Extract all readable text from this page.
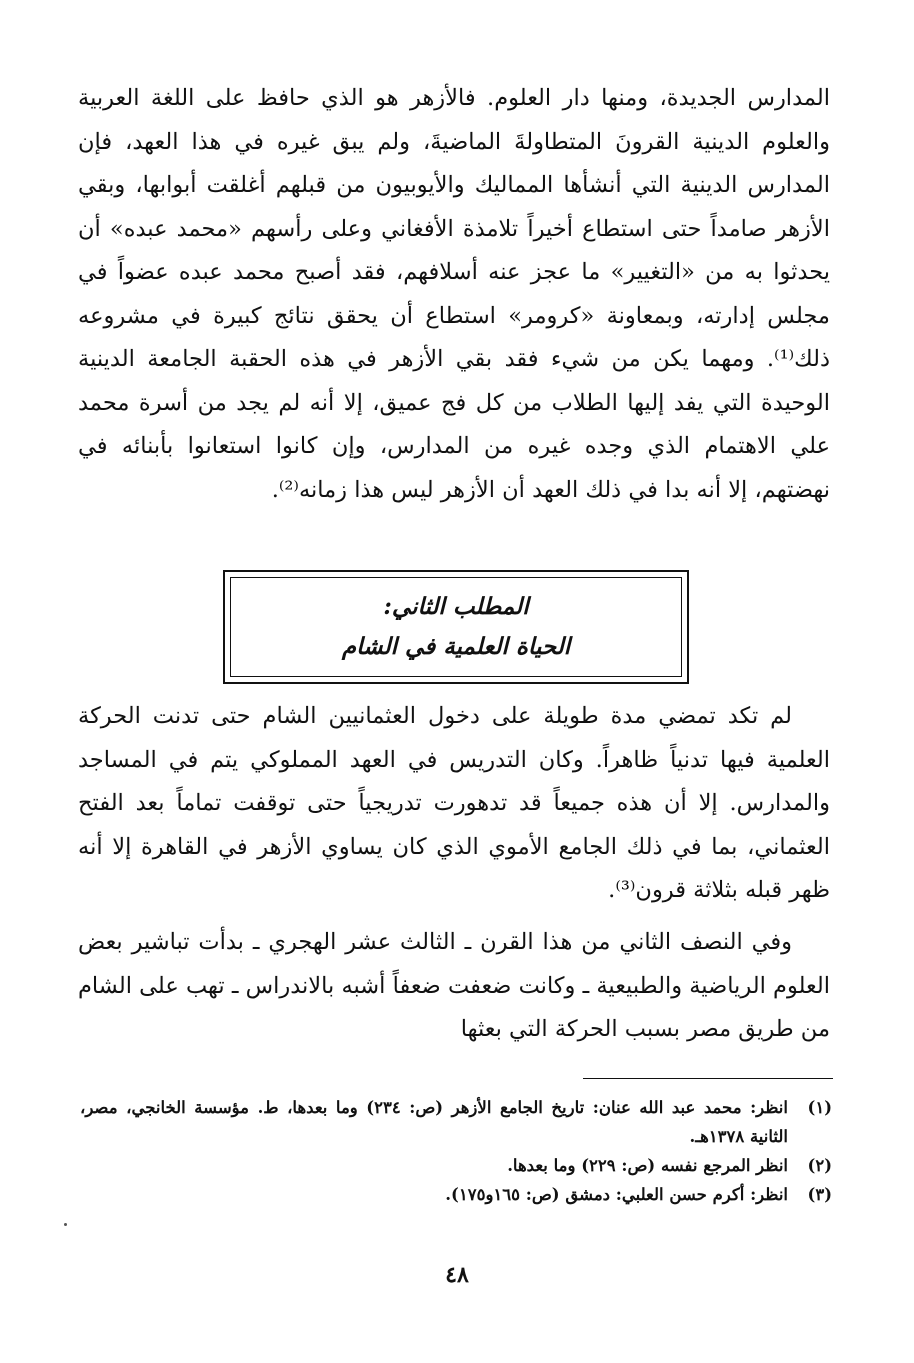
المدارس الجديدة، ومنها دار العلوم. فالأزهر هو الذي حافظ على اللغة العربية والعلوم الدينية القرونَ المتطاولةَ الماضيةَ، ولم يبق غيره في هذا العهد، فإن المدارس الدينية التي أنشأها المماليك والأيوبيون من قبلهم أغلقت أبوابها، وبقي الأزهر صامداً حتى استطاع أخيراً تلامذة الأفغاني وعلى رأسهم «محمد عبده» أن يحدثوا به من «التغيير» ما عجز عنه أسلافهم، فقد أصبح محمد عبده عضواً في مجلس إدارته، وبمعاونة «كرومر» استطاع أن يحقق نتائج كبيرة في مشروعه ذلك⁽¹⁾. ومهما يكن من شيء فقد بقي الأزهر في هذه الحقبة الجامعة الدينية الوحيدة التي يفد إليها الطلاب من كل فج عميق، إلا أنه لم يجد من أسرة محمد علي الاهتمام الذي وجده غيره من المدارس، وإن كانوا استعانوا بأبنائه في نهضتهم، إلا أنه بدا في ذلك العهد أن الأزهر ليس هذا زمانه⁽²⁾.
المطلب الثاني:
الحياة العلمية في الشام
لم تكد تمضي مدة طويلة على دخول العثمانيين الشام حتى تدنت الحركة العلمية فيها تدنياً ظاهراً. وكان التدريس في العهد المملوكي يتم في المساجد والمدارس. إلا أن هذه جميعاً قد تدهورت تدريجياً حتى توقفت تماماً بعد الفتح العثماني، بما في ذلك الجامع الأموي الذي كان يساوي الأزهر في القاهرة إلا أنه ظهر قبله بثلاثة قرون⁽³⁾.
وفي النصف الثاني من هذا القرن ـ الثالث عشر الهجري ـ بدأت تباشير بعض العلوم الرياضية والطبيعية ـ وكانت ضعفت ضعفاً أشبه بالاندراس ـ تهب على الشام من طريق مصر بسبب الحركة التي بعثها
(١)
انظر: محمد عبد الله عنان: تاريخ الجامع الأزهر (ص: ٢٣٤) وما بعدها، ط. مؤسسة الخانجي، مصر، الثانية ١٣٧٨هـ.
(٢)
انظر المرجع نفسه (ص: ٢٢٩) وما بعدها.
(٣)
انظر: أكرم حسن العلبي: دمشق (ص: ١٦٥و١٧٥).
٤٨
